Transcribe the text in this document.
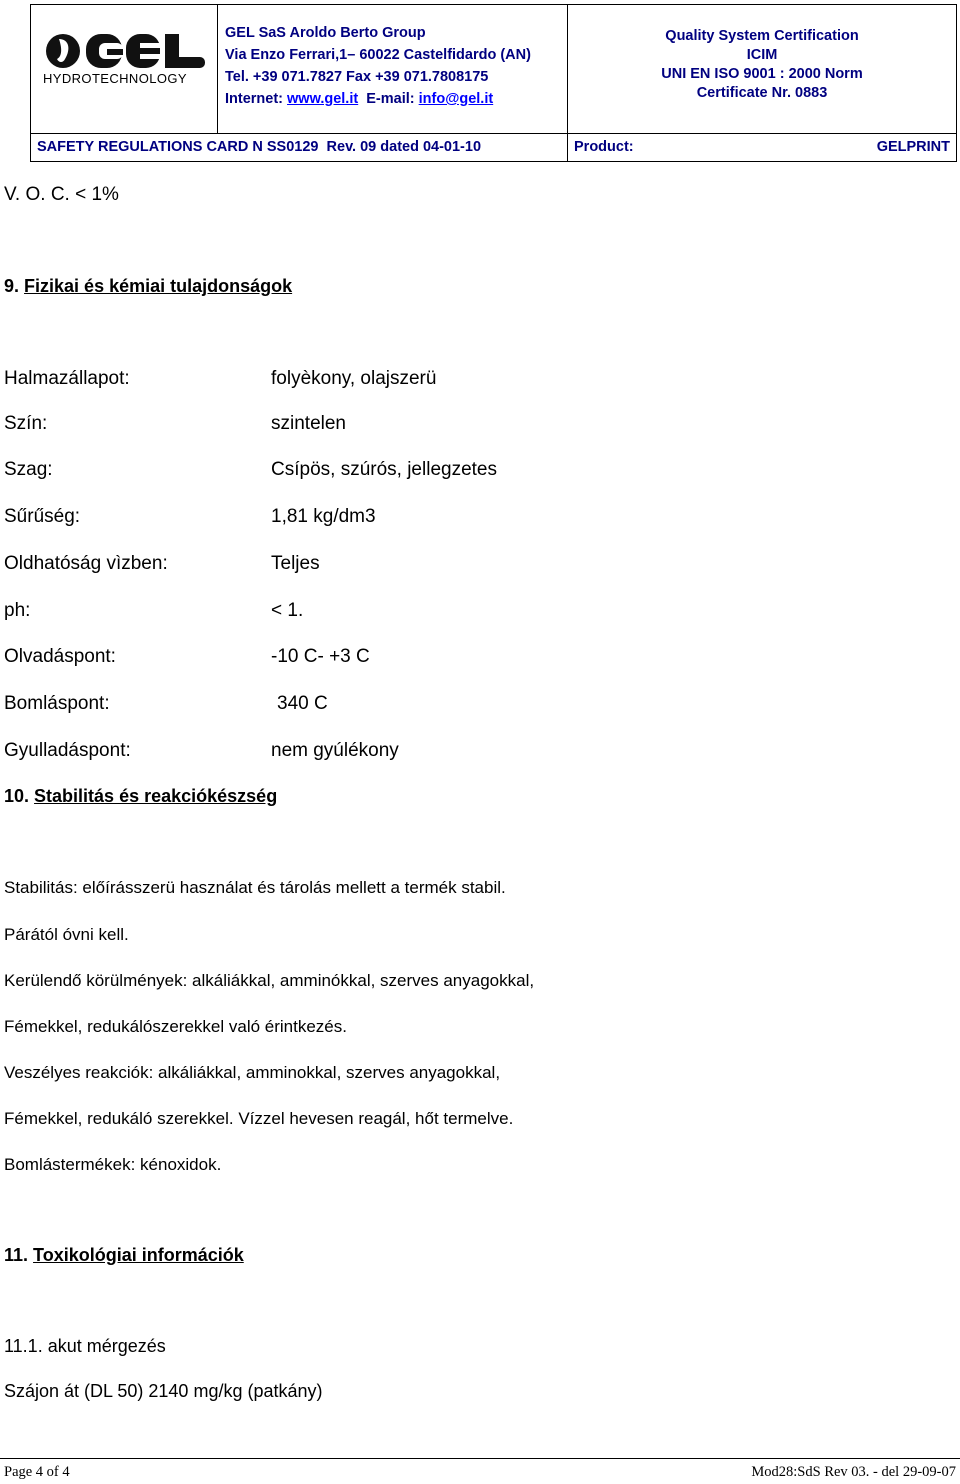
HYDROTECHNOLOGY
GEL SaS Aroldo Berto Group
Via Enzo Ferrari,1– 60022 Castelfidardo (AN)
Tel. +39 071.7827 Fax +39 071.7808175
Internet: www.gel.it E-mail: info@gel.it
Quality System Certification
ICIM
UNI EN ISO 9001 : 2000 Norm
Certificate Nr. 0883
SAFETY REGULATIONS CARD N SS0129 Rev. 09 dated 04-01-10	Product:	GELPRINT
V. O. C. < 1%
9. Fizikai és kémiai tulajdonságok
Halmazállapot:	folyèkony, olajszerü
Szín:	szintelen
Szag:	Csípös, szúrós, jellegzetes
Sűrűség:	1,81 kg/dm3
Oldhatóság vìzben:	Teljes
ph:	< 1.
Olvadáspont:	-10 C- +3 C
Bomláspont:	340 C
Gyulladáspont:	nem gyúlékony
10. Stabilitás és reakciókészség
Stabilitás: előírásszerü használat és tárolás mellett a termék stabil.
Párától óvni kell.
Kerülendő körülmények: alkáliákkal, amminókkal, szerves anyagokkal,
Fémekkel, redukálószerekkel való érintkezés.
Veszélyes reakciók: alkáliákkal, amminokkal, szerves anyagokkal,
Fémekkel, redukáló szerekkel. Vízzel hevesen reagál, hőt termelve.
Bomlástermékek: kénoxidok.
11. Toxikológiai információk
11.1. akut mérgezés
Szájon át (DL 50) 2140 mg/kg (patkány)
Page 4 of 4	Mod28:SdS Rev 03. - del 29-09-07
